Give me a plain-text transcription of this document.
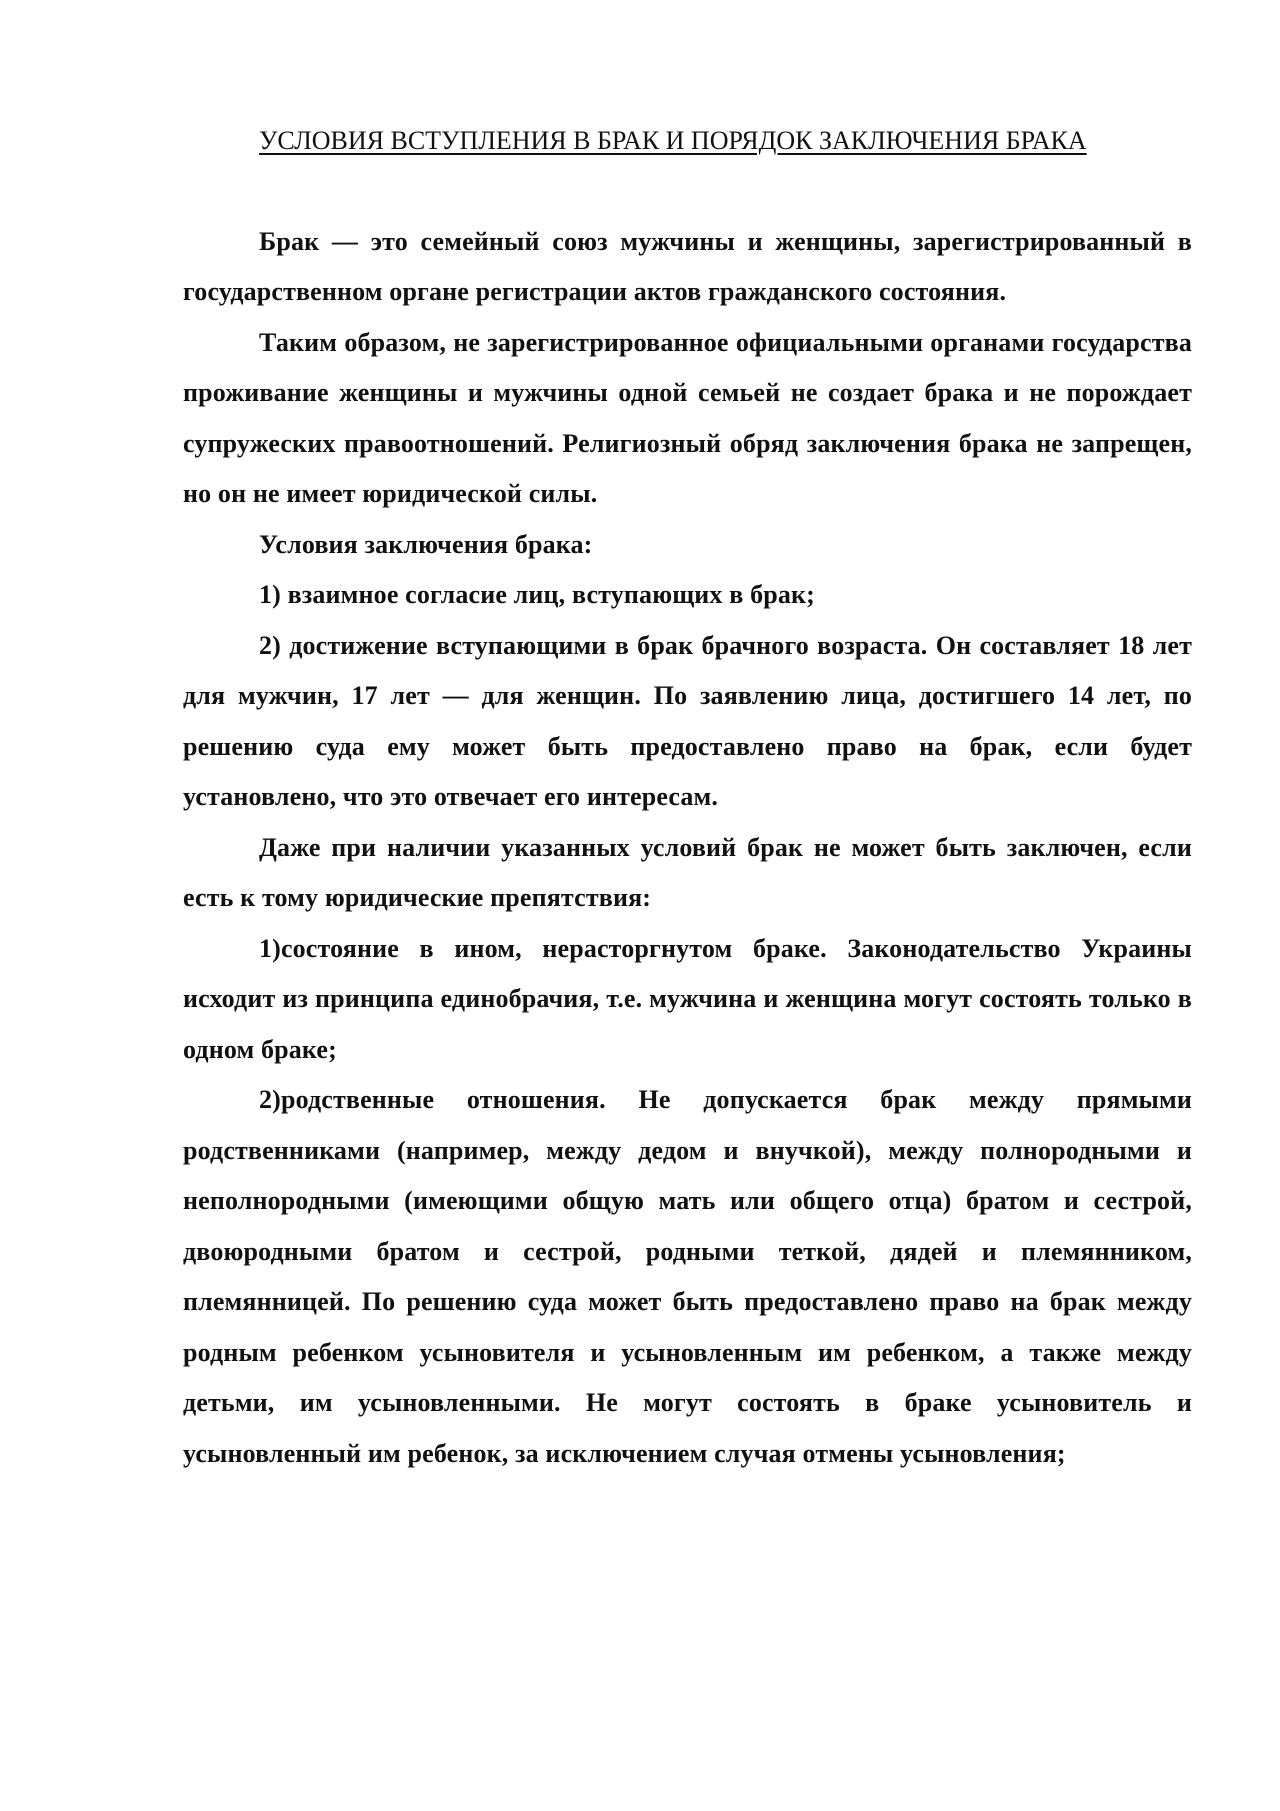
УСЛОВИЯ ВСТУПЛЕНИЯ В БРАК И ПОРЯДОК ЗАКЛЮЧЕНИЯ БРАКА

Брак — это семейный союз мужчины и женщины, зарегистрированный в государственном органе регистрации актов гражданского состояния.

Таким образом, не зарегистрированное официальными органами государства проживание женщины и мужчины одной семьей не создает брака и не порождает супружеских правоотношений. Религиозный обряд заключения брака не запрещен, но он не имеет юридической силы.

Условия заключения брака:

1) взаимное согласие лиц, вступающих в брак;

2) достижение вступающими в брак брачного возраста. Он составляет 18 лет для мужчин, 17 лет — для женщин. По заявлению лица, достигшего 14 лет, по решению суда ему может быть предоставлено право на брак, если будет установлено, что это отвечает его интересам.

Даже при наличии указанных условий брак не может быть заключен, если есть к тому юридические препятствия:

1)состояние в ином, нерасторгнутом браке. Законодательство Украины исходит из принципа единобрачия, т.е. мужчина и женщина могут состоять только в одном браке;

2)родственные отношения. Не допускается брак между прямыми родственниками (например, между дедом и внучкой), между полнородными и неполнородными (имеющими общую мать или общего отца) братом и сестрой, двоюродными братом и сестрой, родными теткой, дядей и племянником, племянницей. По решению суда может быть предоставлено право на брак между родным ребенком усыновителя и усыновленным им ребенком, а также между детьми, им усыновленными. Не могут состоять в браке усыновитель и усыновленный им ребенок, за исключением случая отмены усыновления;
